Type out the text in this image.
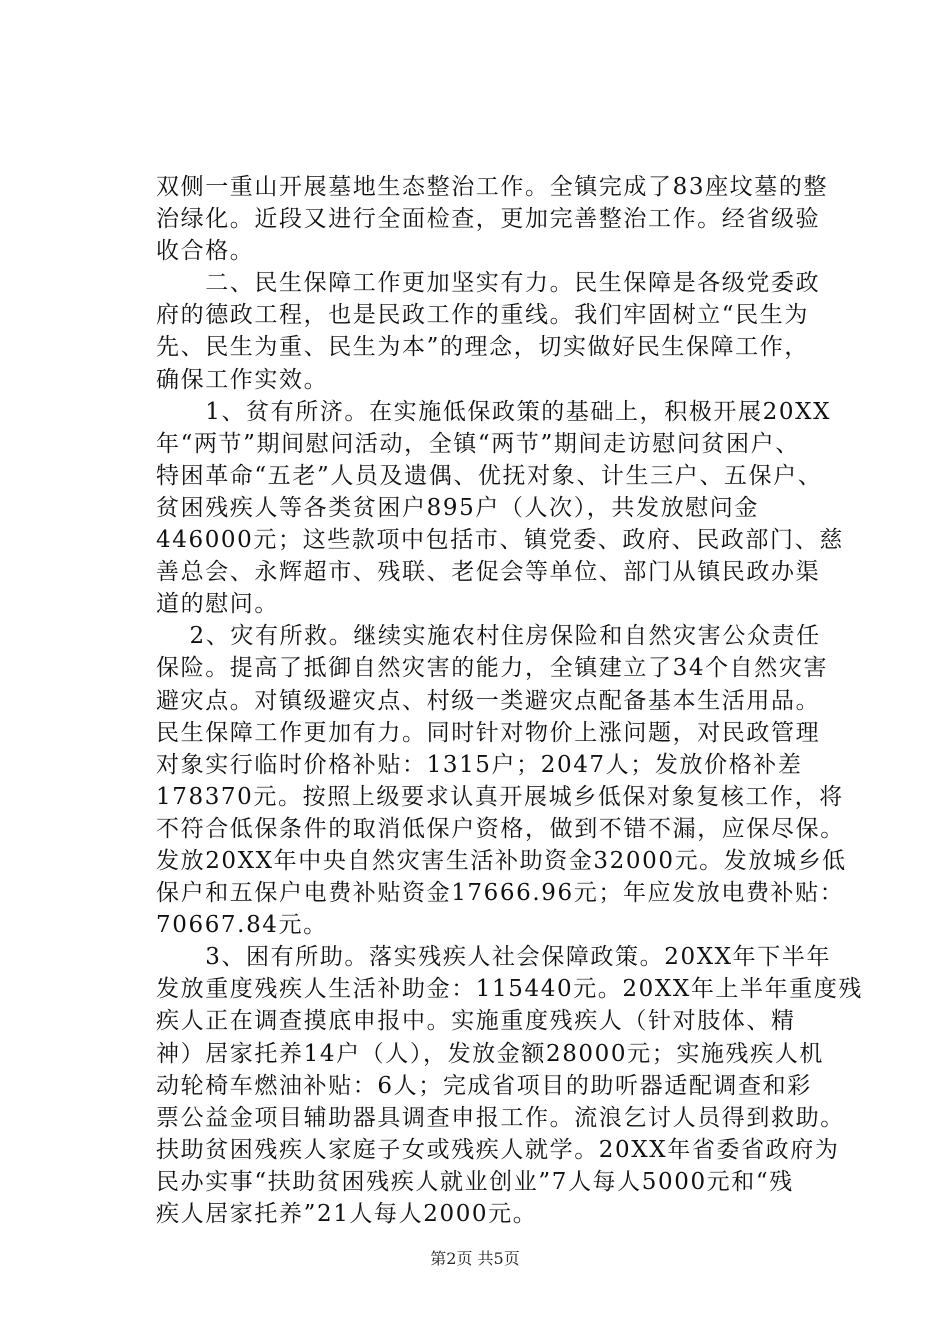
双侧一重山开展墓地生态整治工作。全镇完成了83座坟墓的整
治绿化。近段又进行全面检查，更加完善整治工作。经省级验
收合格。
　　二、民生保障工作更加坚实有力。民生保障是各级党委政
府的德政工程，也是民政工作的重线。我们牢固树立“民生为
先、民生为重、民生为本”的理念，切实做好民生保障工作，
确保工作实效。
　　1、贫有所济。在实施低保政策的基础上，积极开展20XX
年“两节”期间慰问活动，全镇“两节”期间走访慰问贫困户、
特困革命“五老”人员及遗偶、优抚对象、计生三户、五保户、
贫困残疾人等各类贫困户895户（人次），共发放慰问金
446000元；这些款项中包括市、镇党委、政府、民政部门、慈
善总会、永辉超市、残联、老促会等单位、部门从镇民政办渠
道的慰问。
　 2、灾有所救。继续实施农村住房保险和自然灾害公众责任
保险。提高了抵御自然灾害的能力，全镇建立了34个自然灾害
避灾点。对镇级避灾点、村级一类避灾点配备基本生活用品。
民生保障工作更加有力。同时针对物价上涨问题，对民政管理
对象实行临时价格补贴：1315户；2047人；发放价格补差
178370元。按照上级要求认真开展城乡低保对象复核工作，将
不符合低保条件的取消低保户资格，做到不错不漏，应保尽保。
发放20XX年中央自然灾害生活补助资金32000元。发放城乡低
保户和五保户电费补贴资金17666.96元；年应发放电费补贴：
70667.84元。
　　3、困有所助。落实残疾人社会保障政策。20XX年下半年
发放重度残疾人生活补助金：115440元。20XX年上半年重度残
疾人正在调查摸底申报中。实施重度残疾人（针对肢体、精
神）居家托养14户（人），发放金额28000元；实施残疾人机
动轮椅车燃油补贴：6人；完成省项目的助听器适配调查和彩
票公益金项目辅助器具调查申报工作。流浪乞讨人员得到救助。
扶助贫困残疾人家庭子女或残疾人就学。20XX年省委省政府为
民办实事“扶助贫困残疾人就业创业”7人每人5000元和“残
疾人居家托养”21人每人2000元。
第2页 共5页
